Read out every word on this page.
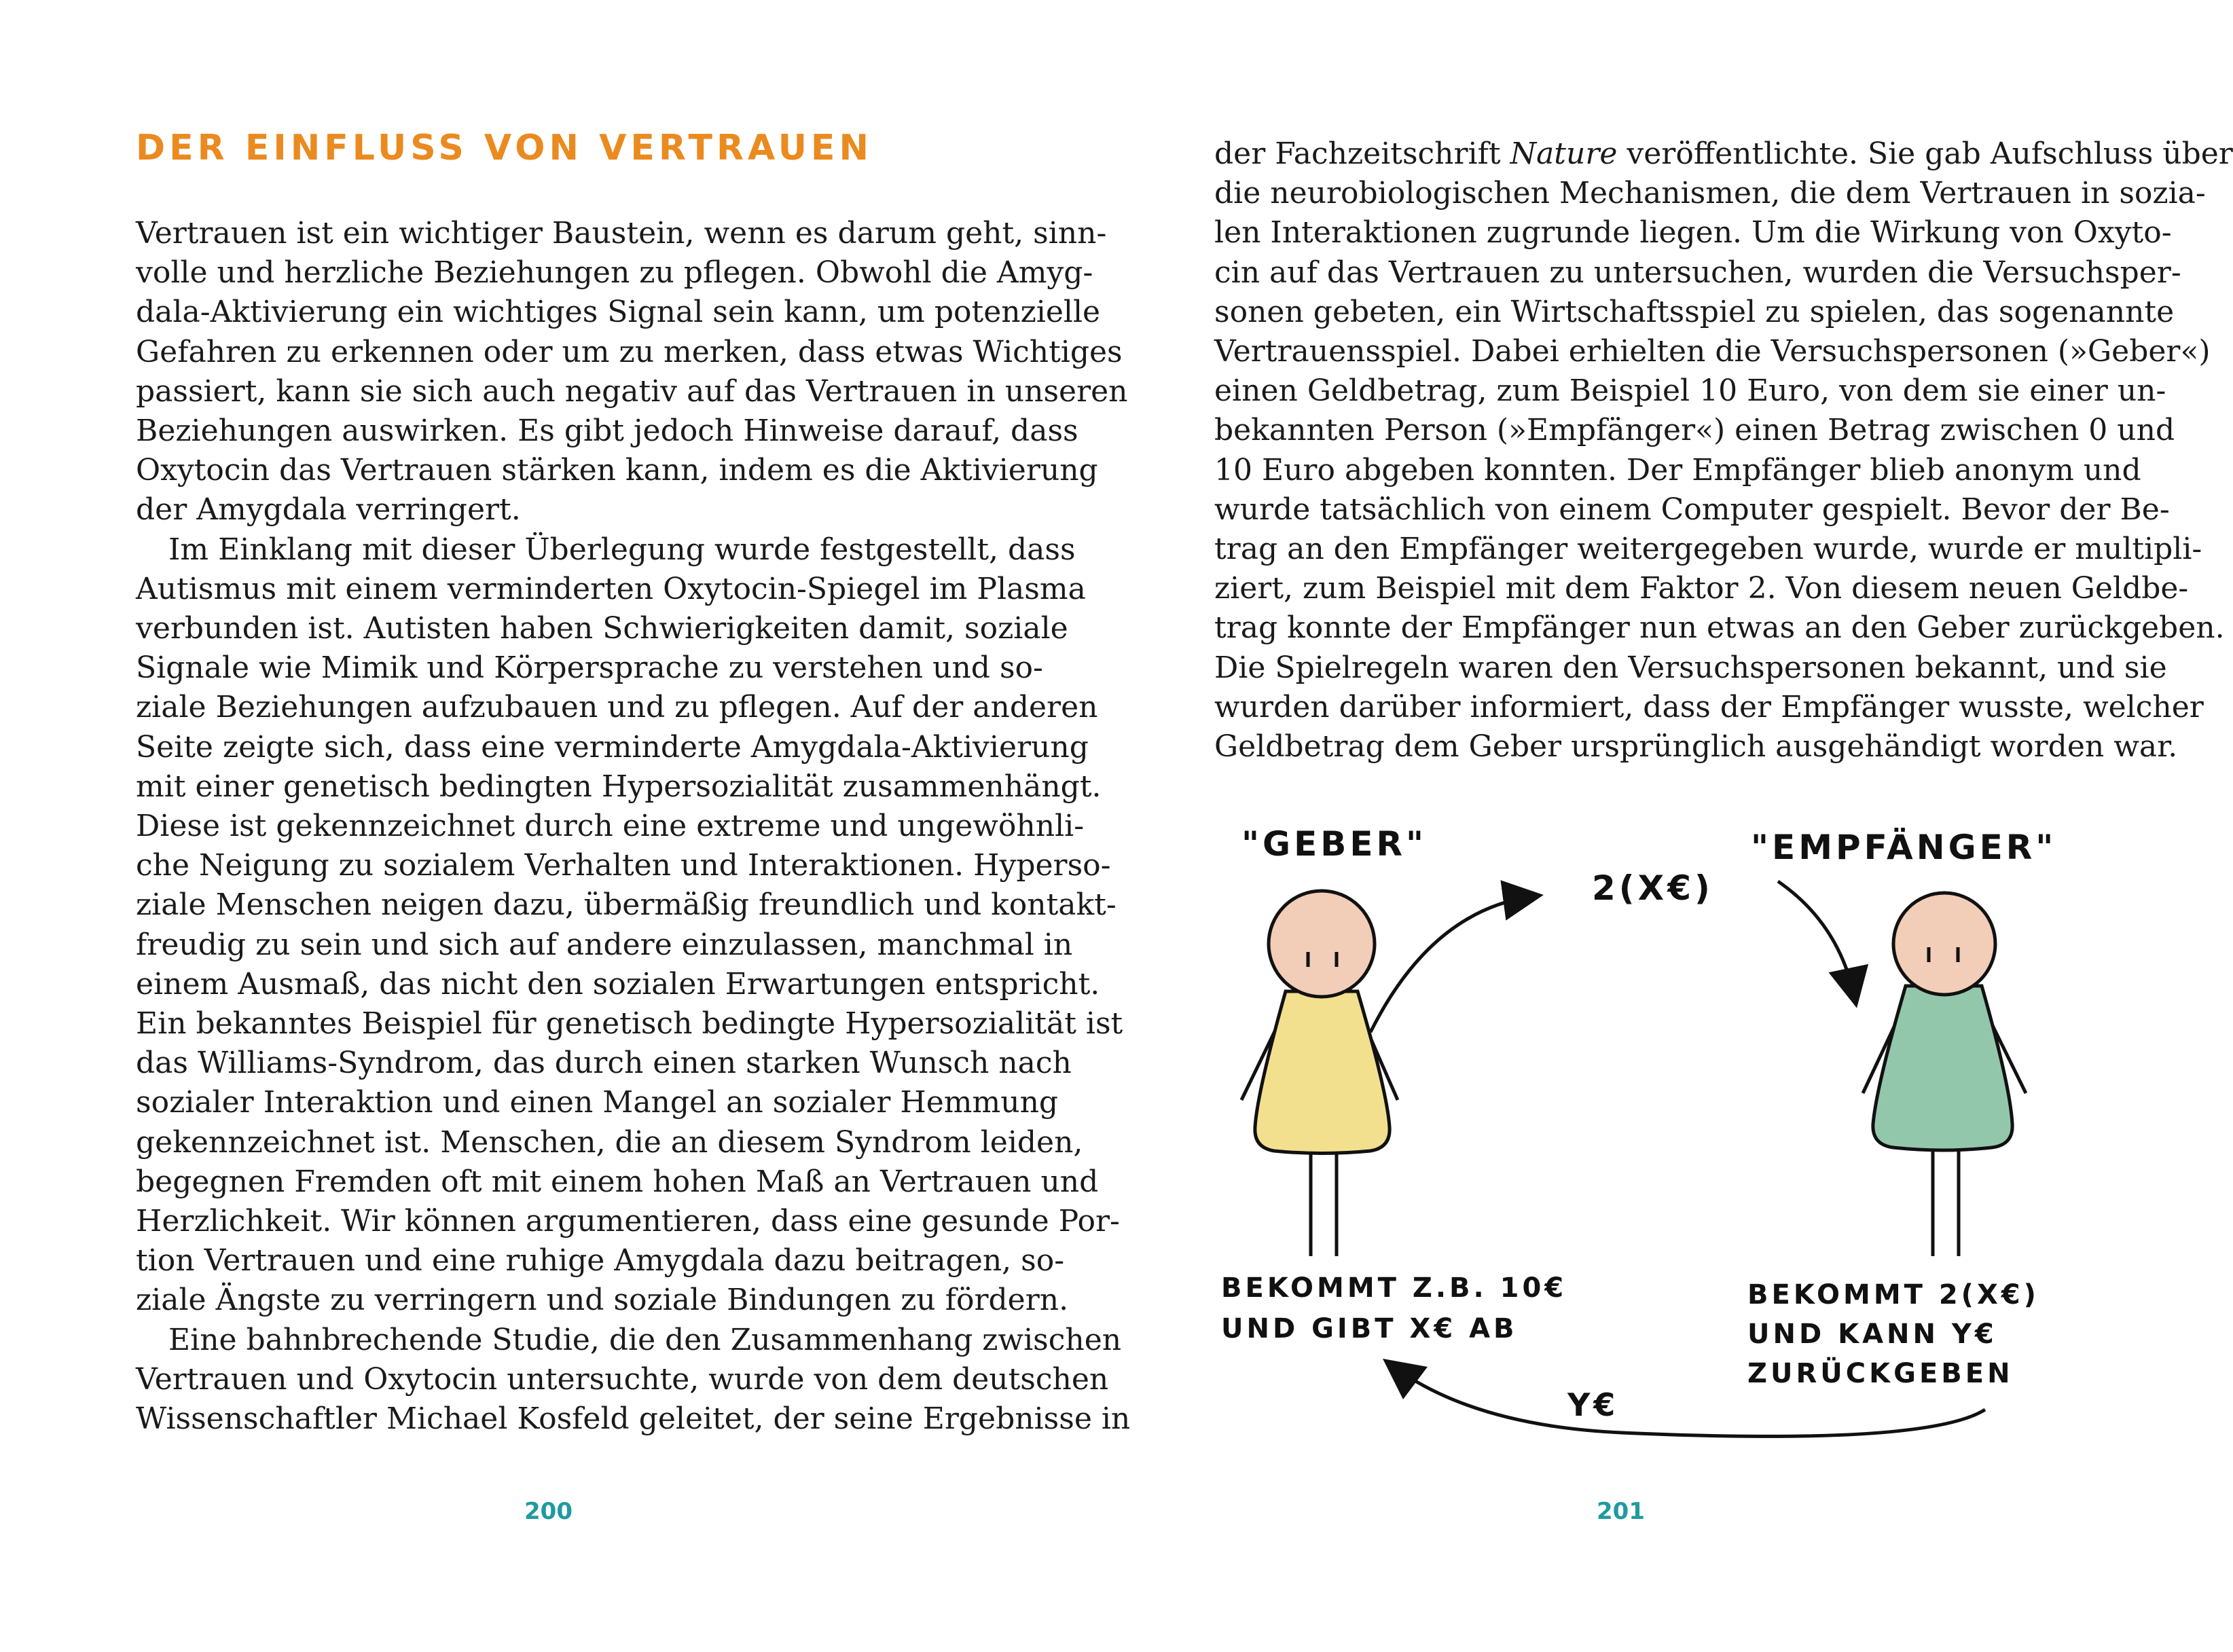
DER EINFLUSS VON VERTRAUEN
Vertrauen ist ein wichtiger Baustein, wenn es darum geht, sinn-
volle und herzliche Beziehungen zu pflegen. Obwohl die Amyg-
dala-Aktivierung ein wichtiges Signal sein kann, um potenzielle
Gefahren zu erkennen oder um zu merken, dass etwas Wichtiges
passiert, kann sie sich auch negativ auf das Vertrauen in unseren
Beziehungen auswirken. Es gibt jedoch Hinweise darauf, dass
Oxytocin das Vertrauen stärken kann, indem es die Aktivierung
der Amygdala verringert.
Im Einklang mit dieser Überlegung wurde festgestellt, dass
Autismus mit einem verminderten Oxytocin-Spiegel im Plasma
verbunden ist. Autisten haben Schwierigkeiten damit, soziale
Signale wie Mimik und Körpersprache zu verstehen und so-
ziale Beziehungen aufzubauen und zu pflegen. Auf der anderen
Seite zeigte sich, dass eine verminderte Amygdala-Aktivierung
mit einer genetisch bedingten Hypersozialität zusammenhängt.
Diese ist gekennzeichnet durch eine extreme und ungewöhnli-
che Neigung zu sozialem Verhalten und Interaktionen. Hyperso-
ziale Menschen neigen dazu, übermäßig freundlich und kontakt-
freudig zu sein und sich auf andere einzulassen, manchmal in
einem Ausmaß, das nicht den sozialen Erwartungen entspricht.
Ein bekanntes Beispiel für genetisch bedingte Hypersozialität ist
das Williams-Syndrom, das durch einen starken Wunsch nach
sozialer Interaktion und einen Mangel an sozialer Hemmung
gekennzeichnet ist. Menschen, die an diesem Syndrom leiden,
begegnen Fremden oft mit einem hohen Maß an Vertrauen und
Herzlichkeit. Wir können argumentieren, dass eine gesunde Por-
tion Vertrauen und eine ruhige Amygdala dazu beitragen, so-
ziale Ängste zu verringern und soziale Bindungen zu fördern.
Eine bahnbrechende Studie, die den Zusammenhang zwischen
Vertrauen und Oxytocin untersuchte, wurde von dem deutschen
Wissenschaftler Michael Kosfeld geleitet, der seine Ergebnisse in
200
der Fachzeitschrift Nature veröffentlichte. Sie gab Aufschluss über
die neurobiologischen Mechanismen, die dem Vertrauen in sozia-
len Interaktionen zugrunde liegen. Um die Wirkung von Oxyto-
cin auf das Vertrauen zu untersuchen, wurden die Versuchsper-
sonen gebeten, ein Wirtschaftsspiel zu spielen, das sogenannte
Vertrauensspiel. Dabei erhielten die Versuchspersonen (»Geber«)
einen Geldbetrag, zum Beispiel 10 Euro, von dem sie einer un-
bekannten Person (»Empfänger«) einen Betrag zwischen 0 und
10 Euro abgeben konnten. Der Empfänger blieb anonym und
wurde tatsächlich von einem Computer gespielt. Bevor der Be-
trag an den Empfänger weitergegeben wurde, wurde er multipli-
ziert, zum Beispiel mit dem Faktor 2. Von diesem neuen Geldbe-
trag konnte der Empfänger nun etwas an den Geber zurückgeben.
Die Spielregeln waren den Versuchspersonen bekannt, und sie
wurden darüber informiert, dass der Empfänger wusste, welcher
Geldbetrag dem Geber ursprünglich ausgehändigt worden war.
"GEBER"	"EMPFÄNGER"
2(X€)
Y€
BEKOMMT Z.B. 10€
UND GIBT X€ AB
BEKOMMT 2(X€)
UND KANN Y€
ZURÜCKGEBEN
201
